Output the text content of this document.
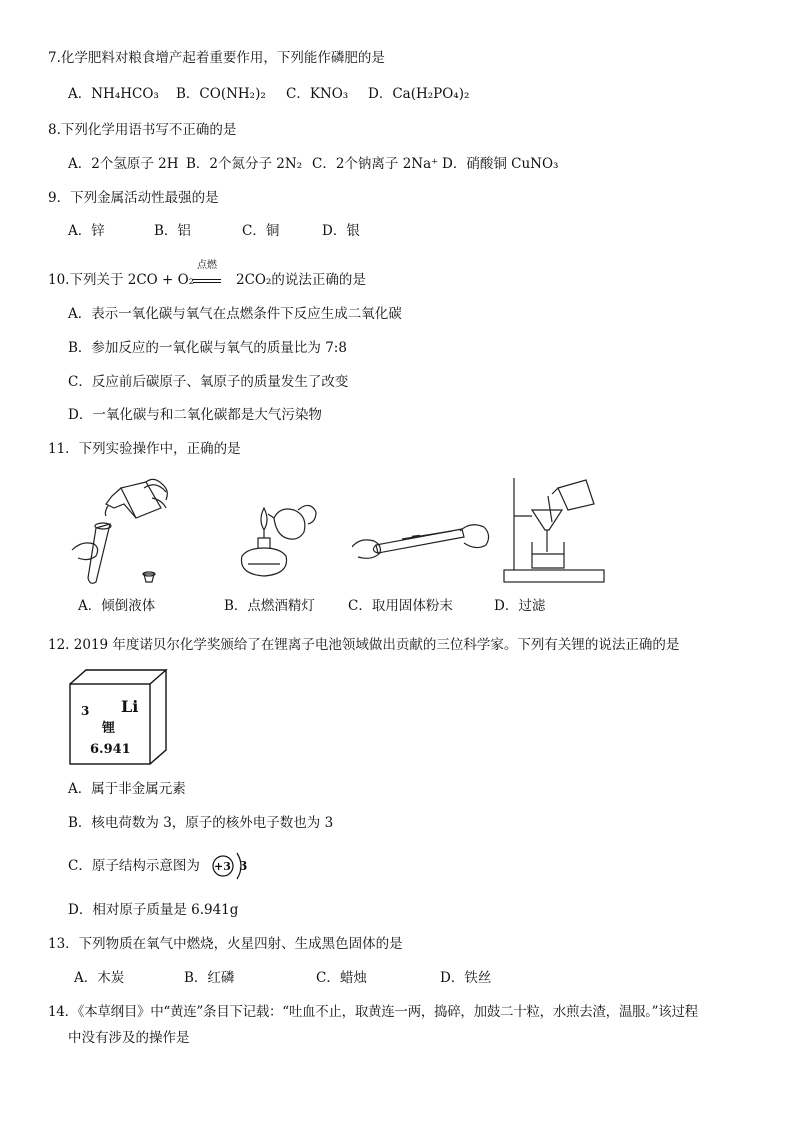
7.化学肥料对粮食增产起着重要作用，下列能作磷肥的是
A．NH₄HCO₃ B．CO(NH₂)₂ C．KNO₃ D．Ca(H₂PO₄)₂
8.下列化学用语书写不正确的是
A．2个氢原子 2H B．2个氮分子 2N₂ C．2个钠离子 2Na⁺ D．硝酸铜 CuNO₃
9．下列金属活动性最强的是
A．锌	B．铝	C．铜	D．银
10.下列关于 2CO + O₂
点燃
2CO₂的说法正确的是
A．表示一氧化碳与氧气在点燃条件下反应生成二氧化碳
B．参加反应的一氧化碳与氧气的质量比为 7:8
C．反应前后碳原子、氧原子的质量发生了改变
D．一氧化碳与和二氧化碳都是大气污染物
11．下列实验操作中，正确的是
A．倾倒液体	B．点燃酒精灯 C．取用固体粉末	D．过滤
12. 2019 年度诺贝尔化学奖颁给了在锂离子电池领域做出贡献的三位科学家。下列有关锂的说法正确的是
3 Li
锂
6.941
A．属于非金属元素
B．核电荷数为 3，原子的核外电子数也为 3
C．原子结构示意图为 +3 3
D．相对原子质量是 6.941g
13．下列物质在氧气中燃烧，火星四射、生成黑色固体的是
A．木炭	B．红磷	C．蜡烛	D．铁丝
14．《本草纲目》中“黄连”条目下记载：“吐血不止，取黄连一两，捣碎，加鼓二十粒，水煎去渣，温服。”该过程
中没有涉及的操作是
